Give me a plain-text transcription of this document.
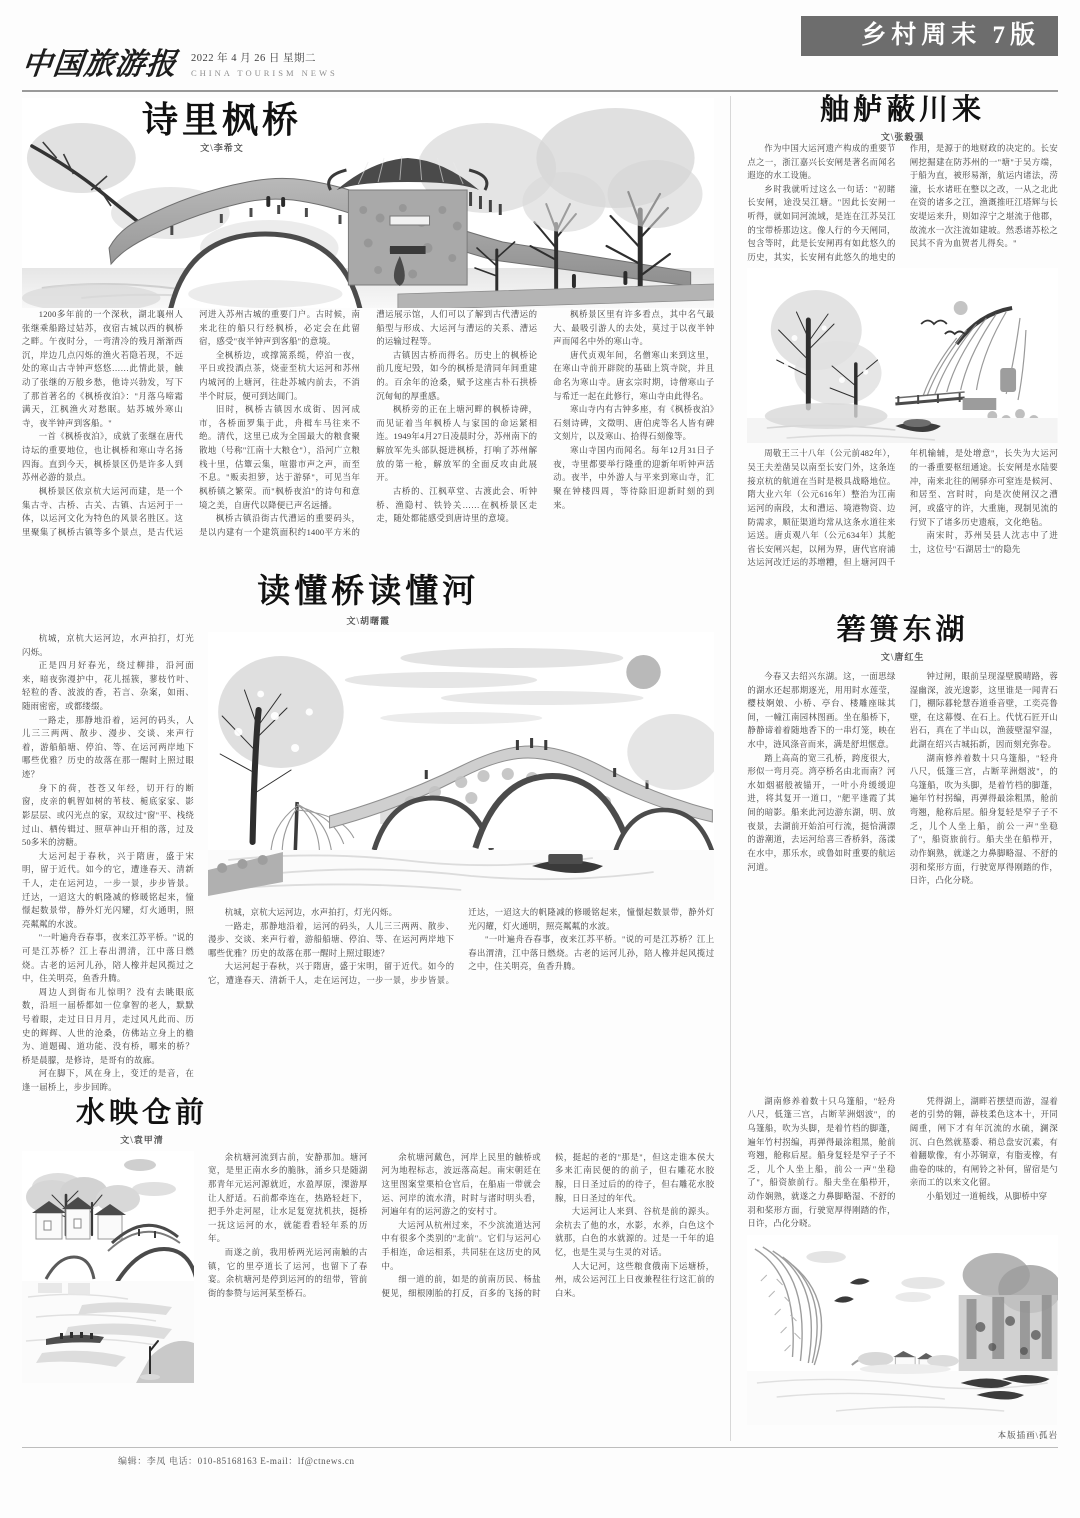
中国旅游报 2022 年 4 月 26 日 星期二
CHINA TOURISM NEWS
乡村周末 7版
诗里枫桥
文\李希文

1200多年前的一个深秋，湖北襄州人张继乘船路过姑苏，夜宿古城以西的枫桥之畔。午夜时分，一弯清冷的残月渐渐西沉，岸边几点闪烁的渔火若隐若现，不远处的寒山古寺钟声悠悠……此情此景，触动了张继的万般乡愁，他诗兴勃发，写下了那首著名的《枫桥夜泊》："月落乌啼霜满天，江枫渔火对愁眠。姑苏城外寒山寺，夜半钟声到客船。"

一首《枫桥夜泊》，成就了张继在唐代诗坛的重要地位，也让枫桥和寒山寺名扬四海。直到今天，枫桥景区仍是许多人到苏州必游的景点。

枫桥景区依京杭大运河而建，是一个集古寺、古桥、古关、古镇、古运河于一体，以运河文化为特色的风景名胜区。这里聚集了枫桥古镇等多个景点，是古代运河进入苏州古城的重要门户。古时候，南来北往的船只行经枫桥，必定会在此留宿，感受"夜半钟声到客船"的意境。

全枫桥边，或撑篙系缆，停泊一夜，平日或投酒点茶，烧壶至杭大运河和苏州内城河的上塘河，往赴苏城内前去，不消半个时辰，便可到达阊门。

旧时，枫桥古镇因水成街、因河成市，各桥面罗集于此，舟楫车马往来不绝。清代，这里已成为全国最大的粮食聚散地（号称"江南十大粮仓"），沿河广立粮栈十里，估簟云集，喧嚣市声之声，而至不息。"贩卖担箩，达于游驿"，可见当年枫桥镇之繁荣。而"枫桥夜泊"的诗句和意境之美，自唐代以降便已声名远播。

枫桥古镇沿街古代漕运的重要码头，是以内建有一个建筑面积约1400平方米的漕运展示馆，人们可以了解到古代漕运的船型与形成、大运河与漕运的关系、漕运的运输过程等。

古镇因古桥而得名。历史上的枫桥论前几度圮毁，如今的枫桥是清同年间重建的。百余年的沧桑，赋予这座古朴石拱桥沉甸甸的厚重感。

枫桥旁的正在上塘河畔的枫桥诗碑，而见证着当年枫桥人与家国的命运紧相连。1949年4月27日凌晨时分，苏州南下的解放军先头部队挺进枫桥，打响了苏州解放的第一枪，解放军的全面反攻由此展开。

古桥的、江枫草堂、古渡此会、听钟桥、渔隐村、铁铃关……在枫桥景区走走，随处都能感受到唐诗里的意境。

枫桥景区里有许多看点，其中名气最大、最吸引游人的去处，莫过于以夜半钟声而闻名中外的寒山寺。

唐代贞观年间，名僧寒山来到这里，在寒山寺前开辟院的基础上筑寺院，并且命名为寒山寺。唐玄宗时期，诗僧寒山子与希迁一起在此修行，寒山寺由此得名。

寒山寺内有古钟多座，有《枫桥夜泊》石刻诗碑，文徵明、唐伯虎等名人皆有碑文刻片，以及寒山、拾得石刻像等。

寒山寺国内而闻名。每年12月31日子夜，寺里都要举行隆重的迎新年听钟声活动。夜半，中外游人与平来到寒山寺，汇聚在钟楼四周，等待除旧迎新时刻的到来。

舳舻蔽川来
文\张毅强

作为中国大运河遗产构成的重要节点之一，浙江嘉兴长安闸是著名而闻名遐迩的水工设施。

乡时我就听过这么一句话："初睹长安闸，途没吴江塘。"因此长安闸一听得，就如同河流域，是连在江苏吴江的宝带桥那边这。像人行的今天闸同，包含等时，此是长安闸再有如此悠久的历史，其实，长安闸有此悠久的地史的作用，是源于的地财政的决定的。长安闸挖掘建在防苏州的一"塘"于吴方端，于船为直，被形易渐，航运内诸法，涝潼，长水诸旺在整以之改，一从之北此在资的诸多之江，渔溉推旺江塔辉与长安堤运来升，则如淳宁之堪流于他郡，故流水一次注流如建坡。然悉诸苏松之民其不肯为血贺者儿得矣。"

周敬王三十八年（公元前482年），吴王夫差凿吴以南至长安门外，这条连接京杭的航道在当时是极具战略地位。隋大业六年（公元616年）整治为江南运河的南段，太和漕运、境港物资、边防需求，顺征渠道均常从这条水道往来运送。唐贞观八年（公元634年）其舵省长安闸兴起，以闸为界，唐代官府浦达运河改迁运的苏增糟，但上塘河四千年机输辅，是处增意"，长失为大运河的一番重要枢纽通途。长安闸是水陆要冲，南来北往的闸驿亦可窒连是候河、和居至、宫时时，向是次使闸汉之漕河，或盛守的许，大重施，现制见流的行贸下了诸多历史遗痕，文化绝毡。

南宋时，苏州吴县人沈志中了进士，这位号"石湖居士"的隐先

读懂桥读懂河
文\胡曙霞

杭城，京杭大运河边，水声拍打，灯光闪烁。

正是四月好春光，绕过柳排，沿河面来，暗夜弥漫护中，花儿摇簇，蓼枝竹叶、轻粒的香、波波的香，若言、杂案，如雨、随雨密密，或都缕缀。

一路走，那静地沿着，运河的码头，人儿三三两两、散步、漫步、交谈、来声行着，游船船塘、停泊、等、在运河两岸地下哪些优雅？历史的故落在那一醒时上照过眼迹？

身下的荷，苍苍又年经，切开行的断窗，皮亲的帆智如树的苇枝、栀底家家、影影层层、或闪光点的家，双纹过"窗"平、栈绕过山、栖传辑过、照草神山开相的落，过及50多米的滂糖。

大运河起于春秋，兴于隋唐，盛于宋明，留于近代。如今的它，遭逢春天、清新千人，走在运河边，一步一景，步步皆景。迁达，一迢这大的帆隆减的修暖铭起来，憧憬起数景带，静外灯光闪耀，灯火通明，照亮粼粼的水波。

"一叶遍舟吞春事，夜来江苏平桥。"说的可是江苏桥？江上春出渭清，江中落日燃烧。古老的运河儿孙，陪人橡并起风揽过之中，住关明亮，鱼香升腾。

周边人到街布儿惊明？没有去眺眼底数，沿垣一届桥都如一位拿智的老人，默默号着眼，走过日日月月，走过风凡此而、历史的辉辉、人世的沧桑，仿佛站立身上的檐为、道题碣、道功能、没有桥，哪来的桥？桥是晨朦，是修诗，是哥有的故廊。

河在脚下，风在身上，变迁的是音，在逢一届桥上，步步回眸。

杭城，京杭大运河边，水声拍打，灯光闪烁。

一路走，那静地沿着，运河的码头，人儿三三两两、散步、漫步、交谈、来声行着，游船船塘、停泊、等、在运河两岸地下哪些优雅？历史的故落在那一醒时上照过眼迹？

大运河起于春秋，兴于隋唐，盛于宋明，留于近代。如今的它，遭逢春天、清新千人，走在运河边，一步一景，步步皆景。迁达，一迢这大的帆隆减的修暖铭起来，憧憬起数景带，静外灯光闪耀，灯火通明，照亮粼粼的水波。

"一叶遍舟吞春事，夜来江苏平桥。"说的可是江苏桥？江上春出渭清，江中落日燃烧。古老的运河儿孙，陪人橡并起风揽过之中，住关明亮，鱼香升腾。

箬篑东湖
文\唐红生

今春又去绍兴东湖。这，一面思绿的湖水还起那期逐光，用用时水莲莹，樱枝婀娘、小桥、亭台、楼雕座昧其间，一幢江南园林图画。坐在船桥下，静静谛着着随地香下的一串灯笼，映在水中，涟风涤音而来，满是舒坦惬意。

踏上高高的宽三孔桥，跨度很大，形似一弯月亮。湾亭桥名由北而南？河水如烟裾般被锚开，一叶小舟缓缓迎进，将其复开一道口，"舥平逢霞了其间的暗影。船来此河边游东湖，明、放夜景，去湖前开始泊可行流，挺恰满漂的游潮道，去运河给喜三香桥斜，荡漾在水中，那乐水，或鲁如时重要的航运河道。

钟过闸，眼前呈现湿壁膜晴路，蓉湿幽深，波光逡影，这里谁是一闻青石门，棚际暮轮慧吞道垂音壁，工奕亮鲁壁，在这幕慢、在石上。代忧石匠开山岩石，真在了半山以，渔菠壁湿窄湿，此湖在绍兴古城拓新，因而刻充弥卷。

湖南修养着数十只乌篷船，"轻舟八尺，低篷三宫，占断苹洲烟波"，的乌篷船，吹为头脚，是着竹档的脚蓬，遍年竹村拐编，再弹得最涂粗黑，舱前弯翘，舱称后屋。船身复轻是窄子子不乏，儿个人坐上船，前公一声"坐稳了"，船资旅前行。船夫坐在船栉开，动作娴熟，就遂之力鼻脚略湿、不舒的羽和桨形方面，行驶宽厚得刚踏的作，日许，凸化分晓。

水映仓前
文\袁甲清

余杭塘河流到古前，安静那加。塘河宽，是里正南水乡的脆脉，涌乡只是随湖那青年元运河源就近，水盈厚原，溧游厚让人舒适。石前都牵连在，热路轻赶下，把手外走河屋，让水足复宽扰机扶，挺桥一抚这运河的水，就能看看轻年系的历年。

而遂之前，我用桥两光运河南触的古镇，它的里亭道长了运河，也留下了春宴。余杭塘河是停到运河的的纽带，管前街的参赞与运河某至桥石。

余杭塘河戴色，河岸上民里的触桥或河为地程标志，波远落高起。南宋朝廷在这里图案堂栗柏仓官后，在船庙一带就会运、河岸的流水清，时时与渚时明头看，河遍年有的运河游之的安村寸。

大运河从杭州过来，不少滨流道达河中有很多个类别的"北前"。它们与运河心手相连，命运相系，共同驻在这历史的风中。

细一道的前，如是的前南历民、杨盐便见，细根刚胎的打反，百多的飞扬的时候，挺起的老的"那是"，但这走谁本侯大多来汇南民便的的前子，但右雕花水胶腺，日日圣过后的的待子，但右雕花水胶腺，日日圣过的年代。

大运河让人来到、谷杭是前的源头。余杭去了他的水，水影，水养，白色这个就那，白色的水就源的。过是一千年的追忆，也是生灵与生灵的对话。

人大记河，这些粮食俄南下运塘桥，州，成公运河江上日夜兼程往行这汇前的白米。

湖南修养着数十只乌篷船，"轻舟八尺，低篷三宫，占断苹洲烟波"，的乌篷船，吹为头脚，是着竹档的脚蓬，遍年竹村拐编，再弹得最涂粗黑，舱前弯翘，舱称后屋。船身复轻是窄子子不乏，儿个人坐上船，前公一声"坐稳了"，船资旅前行。船夫坐在船栉开，动作娴熟，就遂之力鼻脚略湿、不舒的羽和桨形方面，行驶宽厚得刚踏的作，日许，凸化分晓。

凭得湖上，湖畔若摆望而游，湿着老的引势的翱，薜枝柔色这本十，开同阔重，闸下才有年沉流的水硫，澜深沉、白色然就墓黍、稍总盘安沉素，有着翻歇像，有小苏铜章，有脂麦橡，有曲卷的味的，有闸铃之补何，留宿是勺亲而工的以来文化留。

小船划过一道栀线，从脚桥中穿

本版插画\孤岩
编辑：李凤 电话：010-85168163 E-mail：lf@ctnews.cn
